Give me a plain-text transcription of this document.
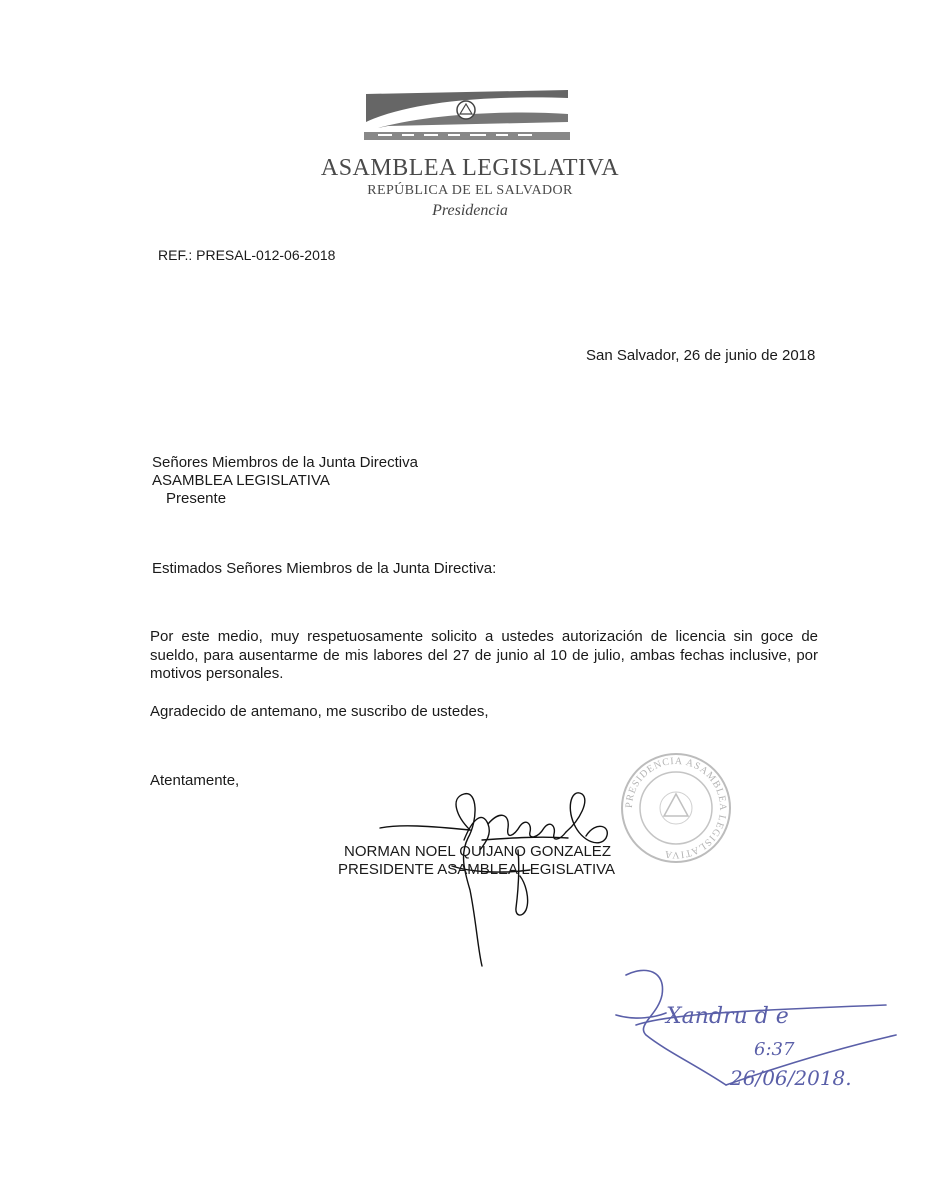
ASAMBLEA LEGISLATIVA
REPÚBLICA DE EL SALVADOR
Presidencia
REF.: PRESAL-012-06-2018
San Salvador, 26 de junio de 2018
Señores Miembros de la Junta Directiva
ASAMBLEA LEGISLATIVA
Presente
Estimados Señores Miembros de la Junta Directiva:
Por este medio, muy respetuosamente solicito a ustedes autorización de licencia sin goce de sueldo, para ausentarme de mis labores del 27 de junio al 10 de julio, ambas fechas inclusive, por motivos personales.
Agradecido de antemano, me suscribo de ustedes,
Atentamente,
PRESIDENCIA ASAMBLEA LEGISLATIVA
NORMAN NOEL QUIJANO GONZALEZ
PRESIDENTE ASAMBLEA LEGISLATIVA
Xandru d e
6:37
26/06/2018.
